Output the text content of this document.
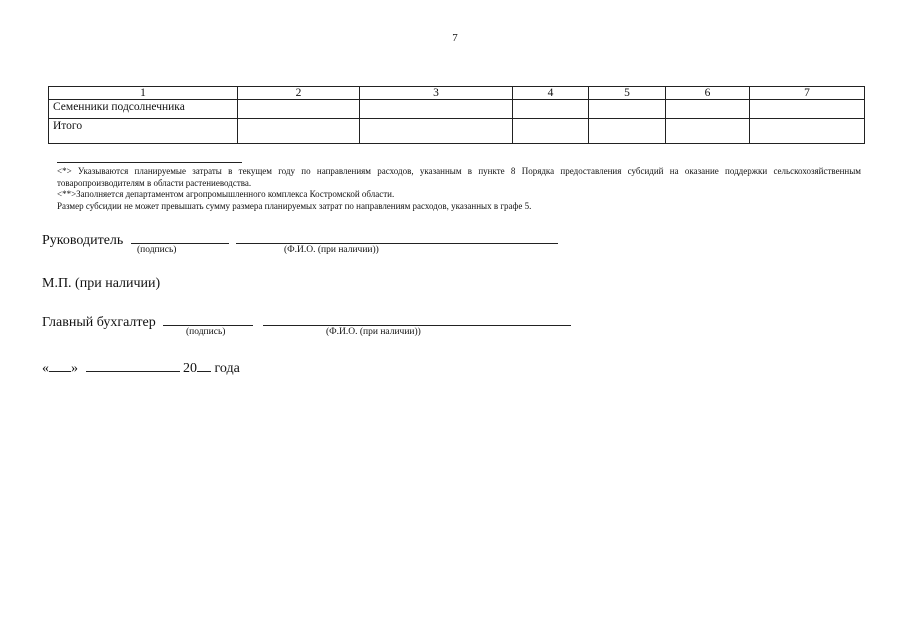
7
1	2	3	4	5	6	7
Семенники подсолнечника						
Итого						

<*> Указываются планируемые затраты в текущем году по направлениям расходов, указанным в пункте 8 Порядка предоставления субсидий на оказание поддержки сельскохозяйственным товаропроизводителям в области растениеводства.

<**>Заполняется департаментом агропромышленного комплекса Костромской области.

Размер субсидии не может превышать сумму размера планируемых затрат по направлениям расходов, указанных в графе 5.

Руководитель
(подпись)	(Ф.И.О. (при наличии))
М.П. (при наличии)
Главный бухгалтер
(подпись)	(Ф.И.О. (при наличии))
« »	20 года
